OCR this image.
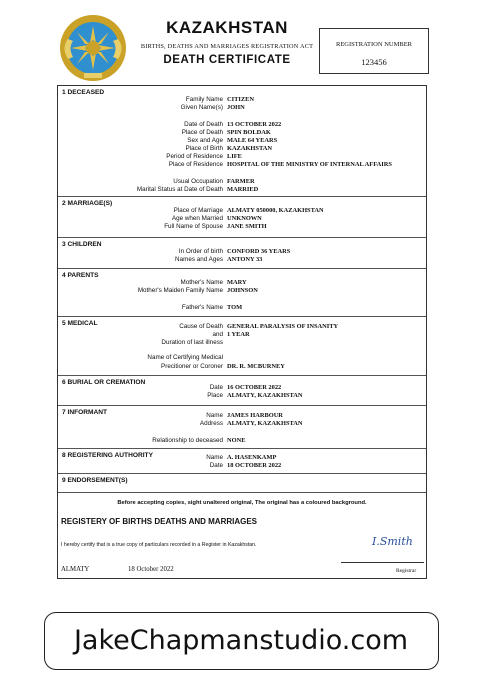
KAZAKHSTAN
BIRTHS, DEATHS AND MARRIAGES REGISTRATION ACT
DEATH CERTIFICATE
REGISTRATION NUMBER
123456
1 DECEASED
Family Name CITIZEN
Given Name(s) JOHN
Date of Death 13 OCTOBER 2022
Place of Death SPIN BOLDAK
Sex and Age MALE 64 YEARS
Place of Birth KAZAKHSTAN
Period of Residence LIFE
Place of Residence HOSPITAL OF THE MINISTRY OF INTERNAL AFFAIRS
Usual Occupation FARMER
Marital Status at Date of Death MARRIED
2 MARRIAGE(S)
Place of Marriage ALMATY 050000, KAZAKHSTAN
Age when Married UNKNOWN
Full Name of Spouse JANE SMITH
3 CHILDREN
In Order of birth CONFORD 36 YEARS
Names and Ages ANTONY 33
4 PARENTS
Mother's Name MARY
Mother's Maiden Family Name JOHNSON
Father's Name TOM
5 MEDICAL	Cause of Death GENERAL PARALYSIS OF INSANITY
and 1 YEAR
Duration of last illness
Name of Certifying Medical
Precitioner or Coroner DR. R. MCBURNEY
6 BURIAL OR CREMATION
Date 16 OCTOBER 2022
Place ALMATY, KAZAKHSTAN
7 INFORMANT	Name JAMES HARBOUR
Address ALMATY, KAZAKHSTAN
Relationship to deceased NONE
8 REGISTERING AUTHORITY	Name A. HASENKAMP
Date 18 OCTOBER 2022
9 ENDORSEMENT(S)
Before accepting copies, sight unaltered original, The original has a coloured background.
REGISTERY OF BIRTHS DEATHS AND MARRIAGES
I hereby certify that is a true copy of particulars recorded in a Register in Kazakhstan.	I.Smith
ALMATY	18 October 2022	Registrar
JakeChapmanstudio.com
